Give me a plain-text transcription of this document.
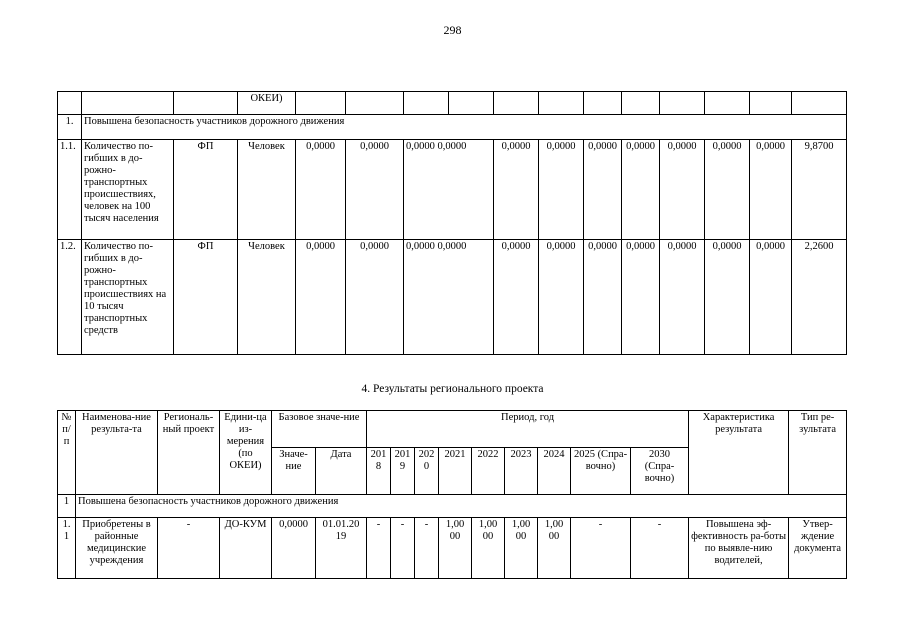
298
			ОКЕИ)												
1.	Повышена безопасность участников дорожного движения														
1.1.	Количество по-гибших в до-рожно-транспортных происшествиях, человек на 100 тысяч населения	ФП	Человек	0,0000	0,0000	0,0000 0,0000		0,0000	0,0000	0,0000	0,0000	0,0000	0,0000	0,0000	9,8700
1.2.	Количество по-гибших в до-рожно-транспортных происшествиях на 10 тысяч транспортных средств	ФП	Человек	0,0000	0,0000	0,0000 0,0000		0,0000	0,0000	0,0000	0,0000	0,0000	0,0000	0,0000	2,2600
4. Результаты регионального проекта
№ п/п	Наименова-ние результа-та	Региональ-ный проект	Едини-ца из-мерения (по ОКЕИ)	Базовое значе-ние		Период, год									Характеристика результата	Тип ре-зультата
				Значе-ние	Дата	201 8	201 9	202 0	2021	2022	2023	2024	2025 (Спра-вочно)	2030 (Спра-вочно)		
1	Повышена безопасность участников дорожного движения															
1. 1	Приобретены в районные медицинские учреждения	-	ДО-КУМ	0,0000	01.01.20 19	-	-	-	1,00 00	1,00 00	1,00 00	1,00 00	-	-	Повышена эф-фективность ра-боты по выявле-нию водителей,	Утвер-ждение документа
